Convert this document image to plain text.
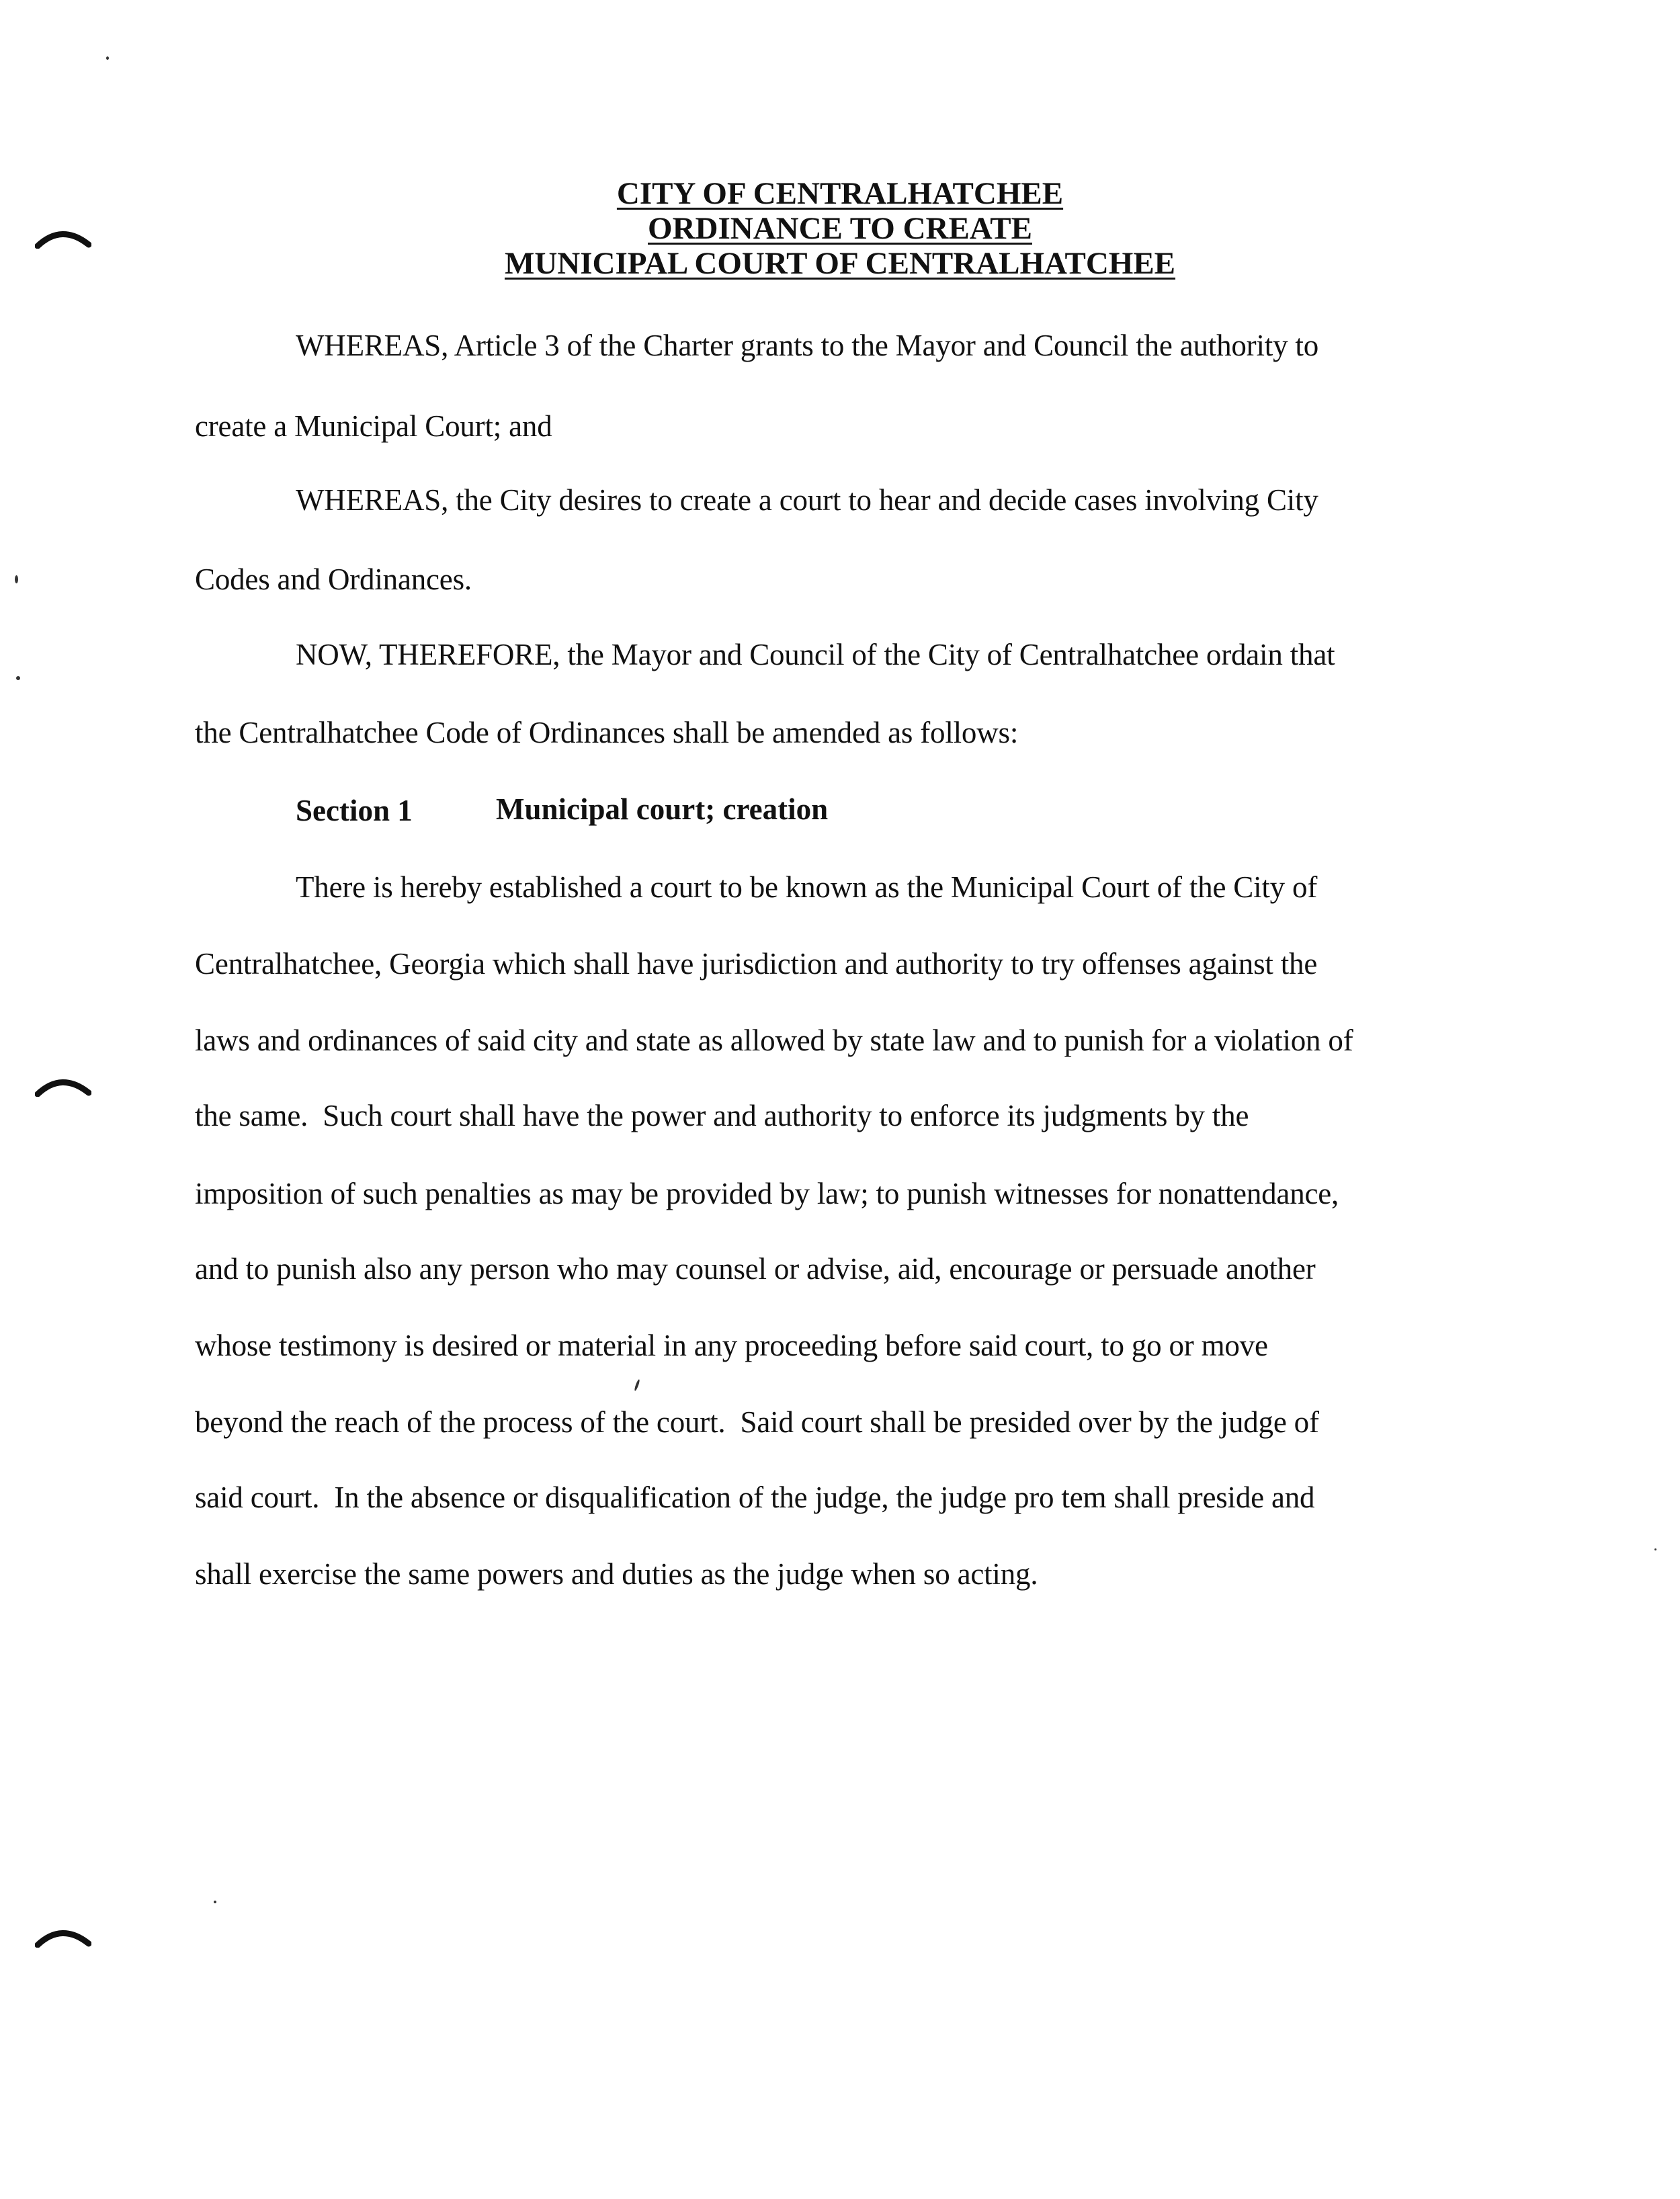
CITY OF CENTRALHATCHEE
ORDINANCE TO CREATE
MUNICIPAL COURT OF CENTRALHATCHEE
WHEREAS, Article 3 of the Charter grants to the Mayor and Council the authority to
create a Municipal Court; and
WHEREAS, the City desires to create a court to hear and decide cases involving City
Codes and Ordinances.
NOW, THEREFORE, the Mayor and Council of the City of Centralhatchee ordain that
the Centralhatchee Code of Ordinances shall be amended as follows:
Section 1	Municipal court; creation
There is hereby established a court to be known as the Municipal Court of the City of
Centralhatchee, Georgia which shall have jurisdiction and authority to try offenses against the
laws and ordinances of said city and state as allowed by state law and to punish for a violation of
the same.  Such court shall have the power and authority to enforce its judgments by the
imposition of such penalties as may be provided by law; to punish witnesses for nonattendance,
and to punish also any person who may counsel or advise, aid, encourage or persuade another
whose testimony is desired or material in any proceeding before said court, to go or move
beyond the reach of the process of the court.  Said court shall be presided over by the judge of
said court.  In the absence or disqualification of the judge, the judge pro tem shall preside and
shall exercise the same powers and duties as the judge when so acting.
